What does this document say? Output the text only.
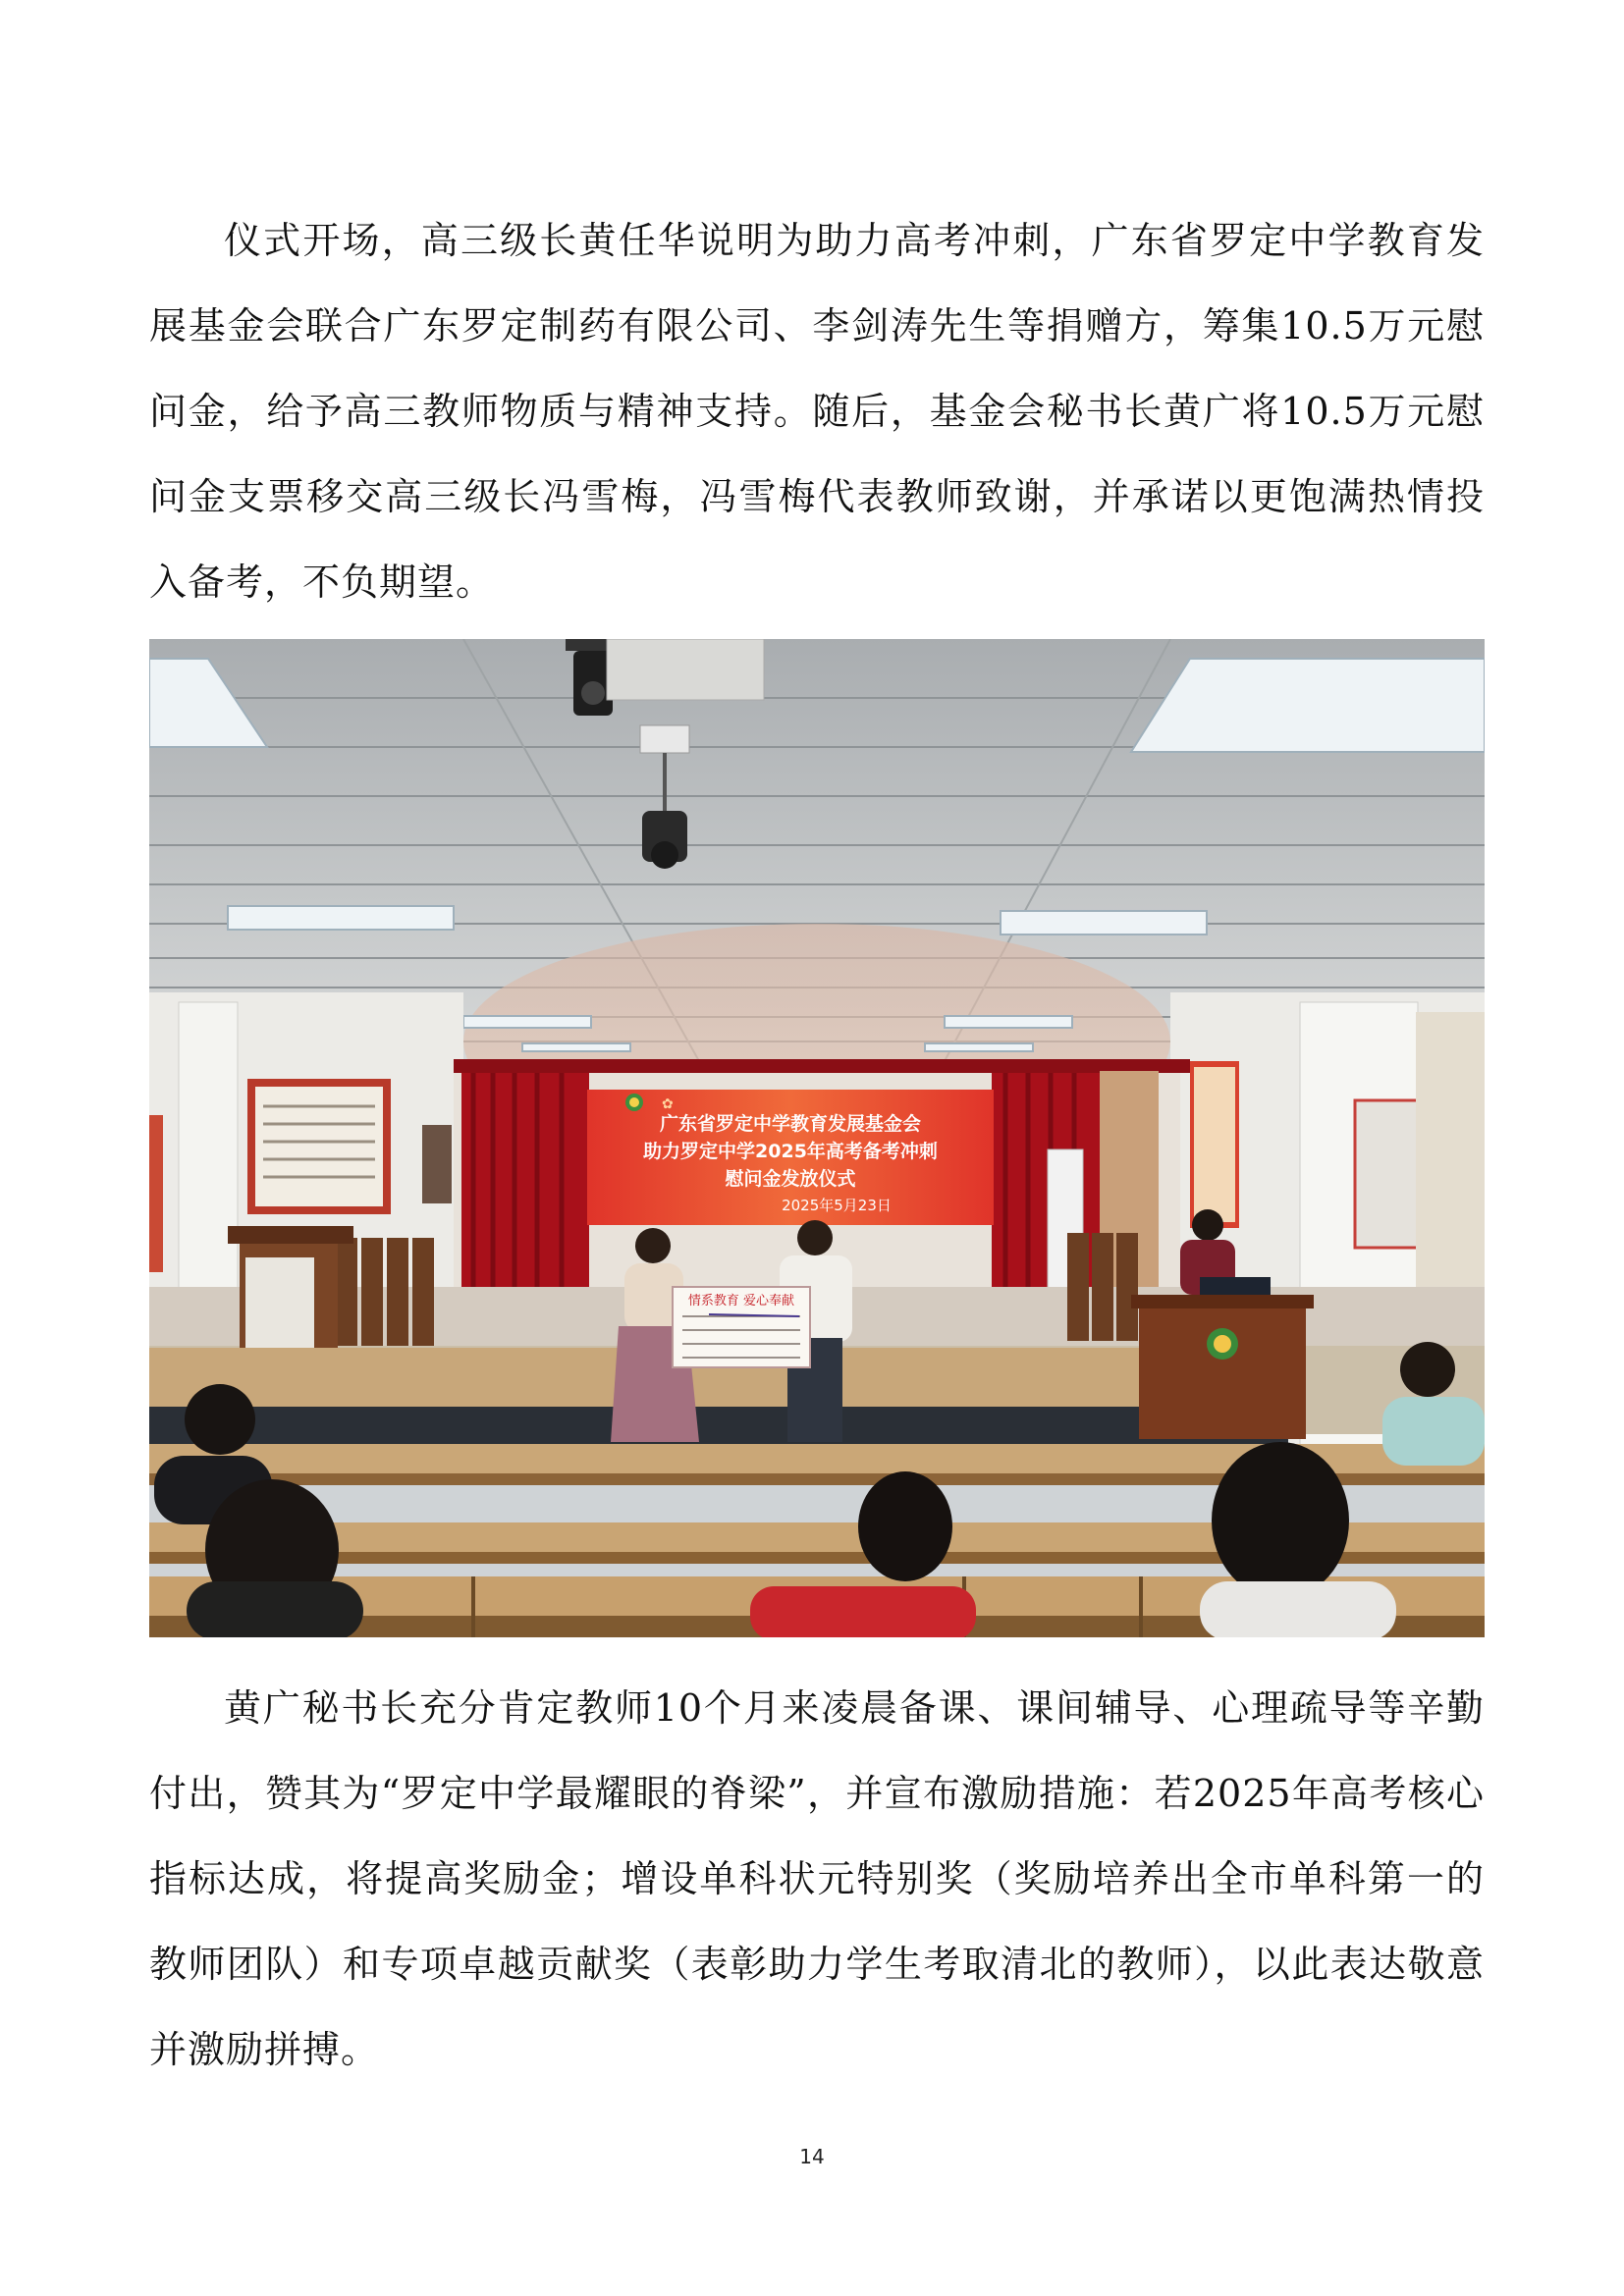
仪式开场，高三级长黄任华说明为助力高考冲刺，广东省罗定中学教育发展基金会联合广东罗定制药有限公司、李剑涛先生等捐赠方，筹集10.5万元慰问金，给予高三教师物质与精神支持。随后，基金会秘书长黄广将10.5万元慰问金支票移交高三级长冯雪梅，冯雪梅代表教师致谢，并承诺以更饱满热情投入备考，不负期望。

✿
广东省罗定中学教育发展基金会
助力罗定中学2025年高考备考冲刺
慰问金发放仪式
2025年5月23日
情系教育 爱心奉献

黄广秘书长充分肯定教师10个月来凌晨备课、课间辅导、心理疏导等辛勤付出，赞其为“罗定中学最耀眼的脊梁”，并宣布激励措施：若2025年高考核心指标达成，将提高奖励金；增设单科状元特别奖（奖励培养出全市单科第一的教师团队）和专项卓越贡献奖（表彰助力学生考取清北的教师），以此表达敬意并激励拼搏。

14
